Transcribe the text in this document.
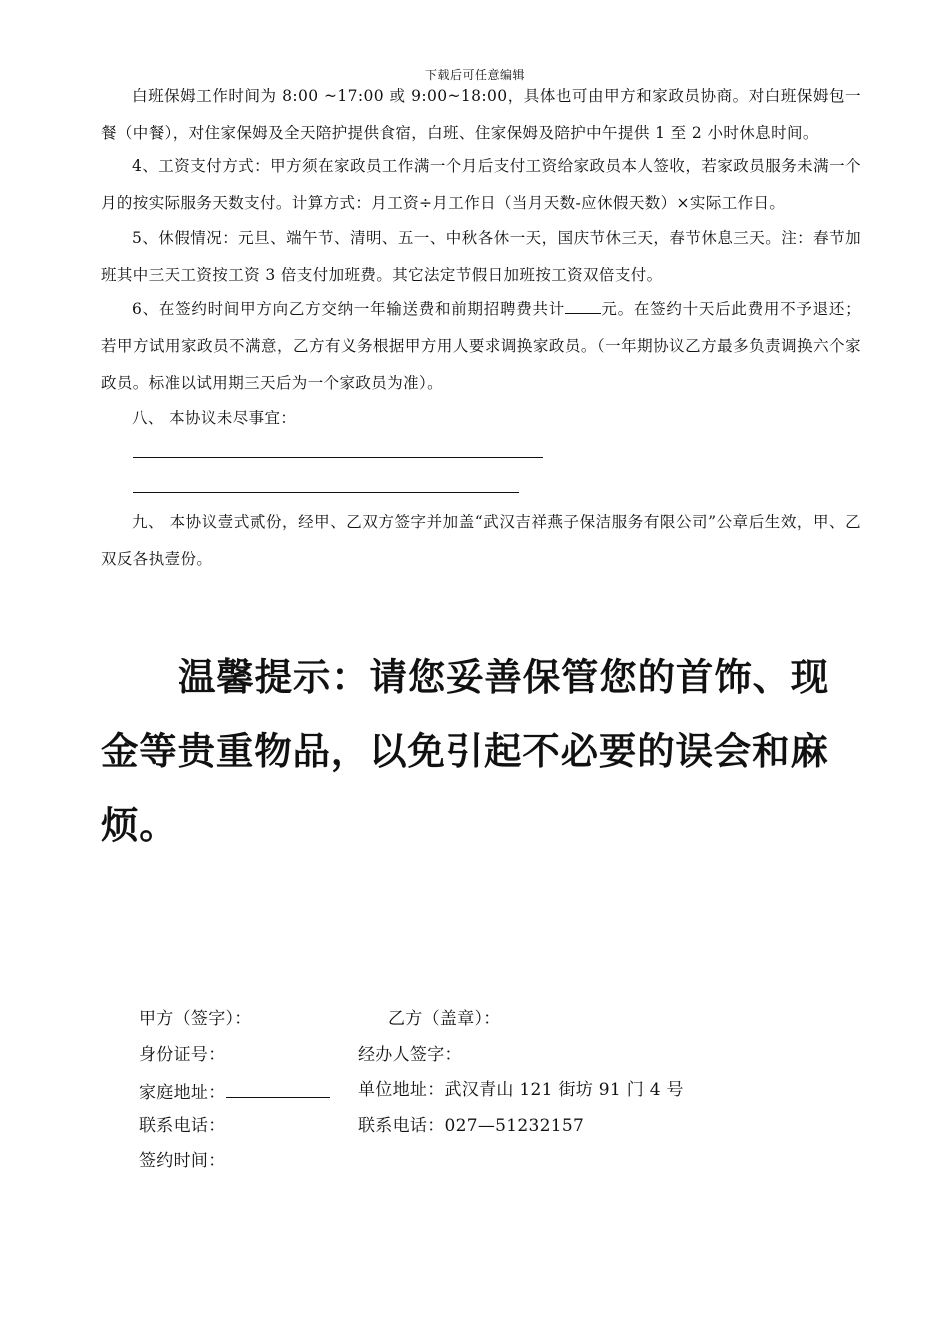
下载后可任意编辑

白班保姆工作时间为 8:00 ~17:00 或 9:00~18:00，具体也可由甲方和家政员协商。对白班保姆包一餐（中餐），对住家保姆及全天陪护提供食宿，白班、住家保姆及陪护中午提供 1 至 2 小时休息时间。

4、工资支付方式：甲方须在家政员工作满一个月后支付工资给家政员本人签收，若家政员服务未满一个月的按实际服务天数支付。计算方式：月工资÷月工作日（当月天数-应休假天数）×实际工作日。

5、休假情况：元旦、端午节、清明、五一、中秋各休一天，国庆节休三天，春节休息三天。注：春节加班其中三天工资按工资 3 倍支付加班费。其它法定节假日加班按工资双倍支付。

6、在签约时间甲方向乙方交纳一年输送费和前期招聘费共计 元。在签约十天后此费用不予退还；若甲方试用家政员不满意，乙方有义务根据甲方用人要求调换家政员。（一年期协议乙方最多负责调换六个家政员。标准以试用期三天后为一个家政员为准）。

八、 本协议未尽事宜：

九、 本协议壹式贰份，经甲、乙双方签字并加盖“武汉吉祥燕子保洁服务有限公司”公章后生效，甲、乙双反各执壹份。

温馨提示：请您妥善保管您的首饰、现金等贵重物品，以免引起不必要的误会和麻烦。

甲方（签字）：	乙方（盖章）：
身份证号：	经办人签字：
家庭地址：	单位地址：武汉青山 121 街坊 91 门 4 号
联系电话：	联系电话：027—51232157
签约时间：
